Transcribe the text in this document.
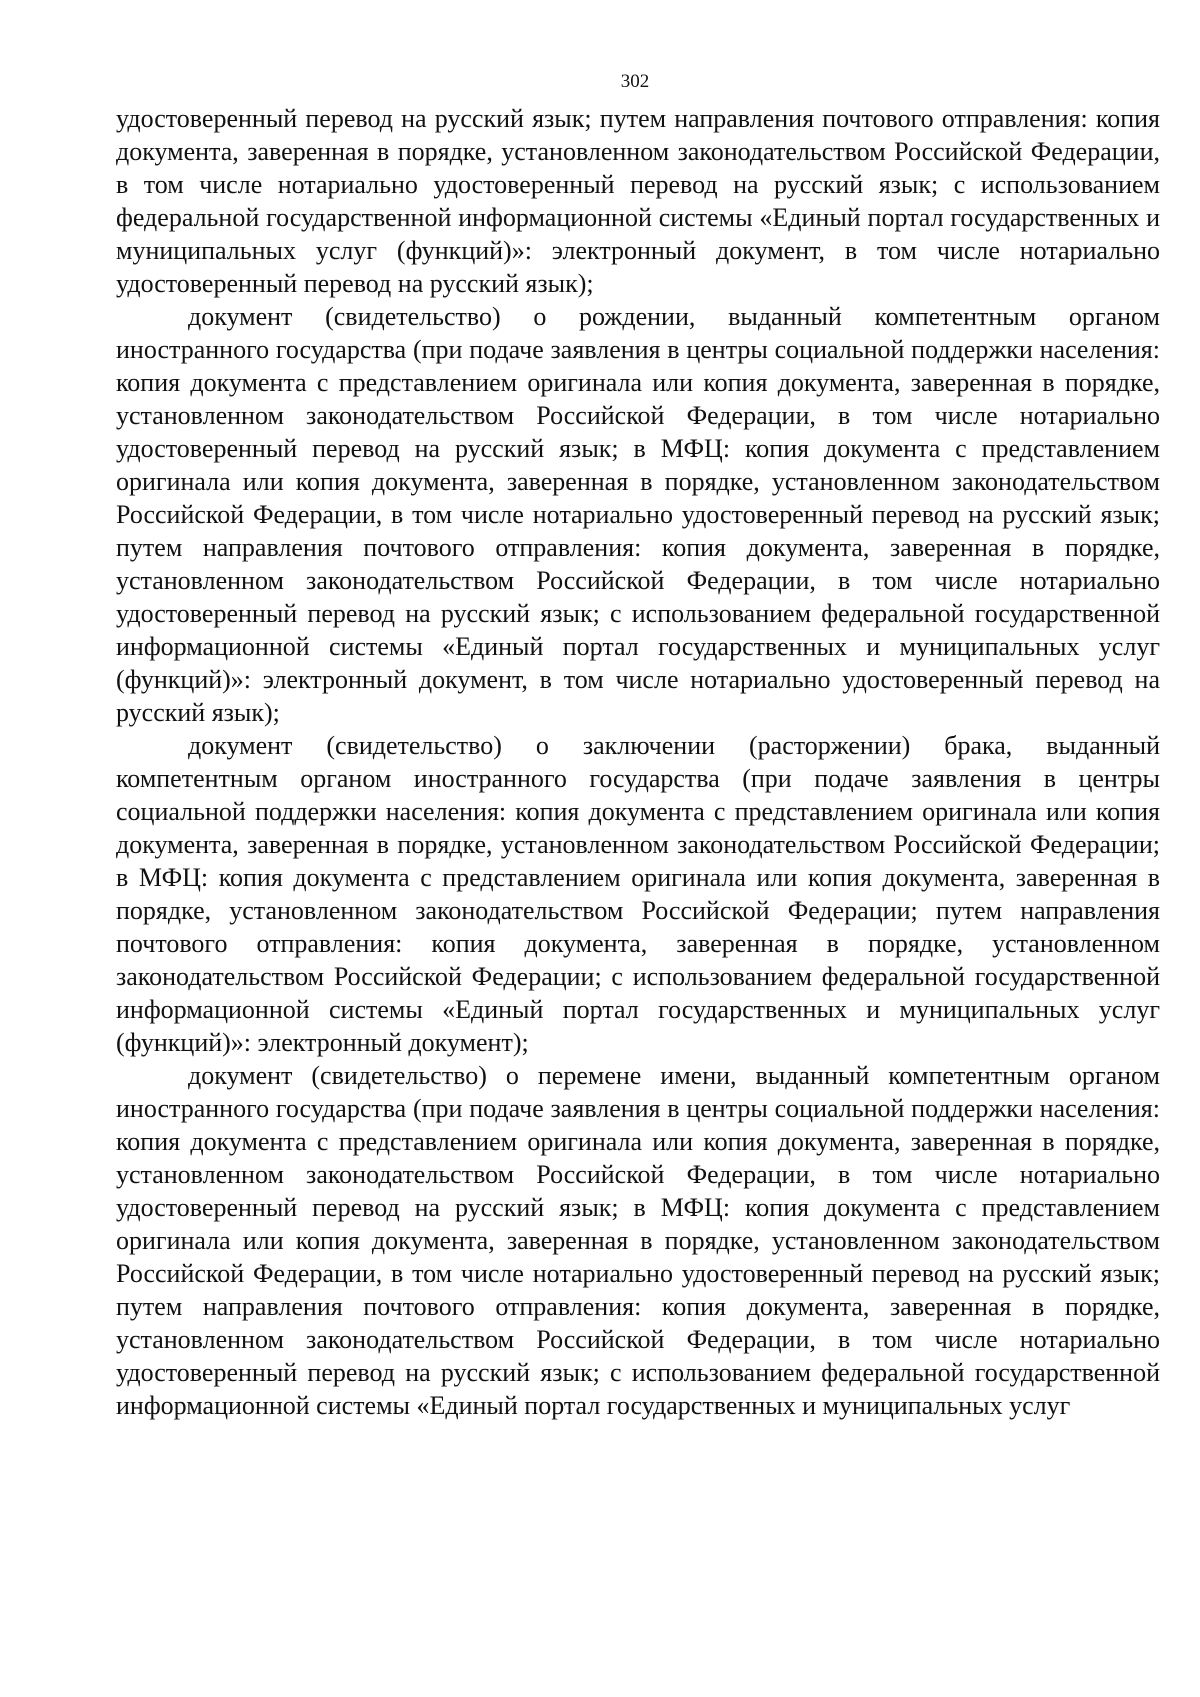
302

удостоверенный перевод на русский язык; путем направления почтового отправления: копия документа, заверенная в порядке, установленном законодательством Российской Федерации, в том числе нотариально удостоверенный перевод на русский язык; с использованием федеральной государственной информационной системы «Единый портал государственных и муниципальных услуг (функций)»: электронный документ, в том числе нотариально удостоверенный перевод на русский язык);

документ (свидетельство) о рождении, выданный компетентным органом иностранного государства (при подаче заявления в центры социальной поддержки населения: копия документа с представлением оригинала или копия документа, заверенная в порядке, установленном законодательством Российской Федерации, в том числе нотариально удостоверенный перевод на русский язык; в МФЦ: копия документа с представлением оригинала или копия документа, заверенная в порядке, установленном законодательством Российской Федерации, в том числе нотариально удостоверенный перевод на русский язык; путем направления почтового отправления: копия документа, заверенная в порядке, установленном законодательством Российской Федерации, в том числе нотариально удостоверенный перевод на русский язык; с использованием федеральной государственной информационной системы «Единый портал государственных и муниципальных услуг (функций)»: электронный документ, в том числе нотариально удостоверенный перевод на русский язык);

документ (свидетельство) о заключении (расторжении) брака, выданный компетентным органом иностранного государства (при подаче заявления в центры социальной поддержки населения: копия документа с представлением оригинала или копия документа, заверенная в порядке, установленном законодательством Российской Федерации; в МФЦ: копия документа с представлением оригинала или копия документа, заверенная в порядке, установленном законодательством Российской Федерации; путем направления почтового отправления: копия документа, заверенная в порядке, установленном законодательством Российской Федерации; с использованием федеральной государственной информационной системы «Единый портал государственных и муниципальных услуг (функций)»: электронный документ);

документ (свидетельство) о перемене имени, выданный компетентным органом иностранного государства (при подаче заявления в центры социальной поддержки населения: копия документа с представлением оригинала или копия документа, заверенная в порядке, установленном законодательством Российской Федерации, в том числе нотариально удостоверенный перевод на русский язык; в МФЦ: копия документа с представлением оригинала или копия документа, заверенная в порядке, установленном законодательством Российской Федерации, в том числе нотариально удостоверенный перевод на русский язык; путем направления почтового отправления: копия документа, заверенная в порядке, установленном законодательством Российской Федерации, в том числе нотариально удостоверенный перевод на русский язык; с использованием федеральной государственной информационной системы «Единый портал государственных и муниципальных услуг
